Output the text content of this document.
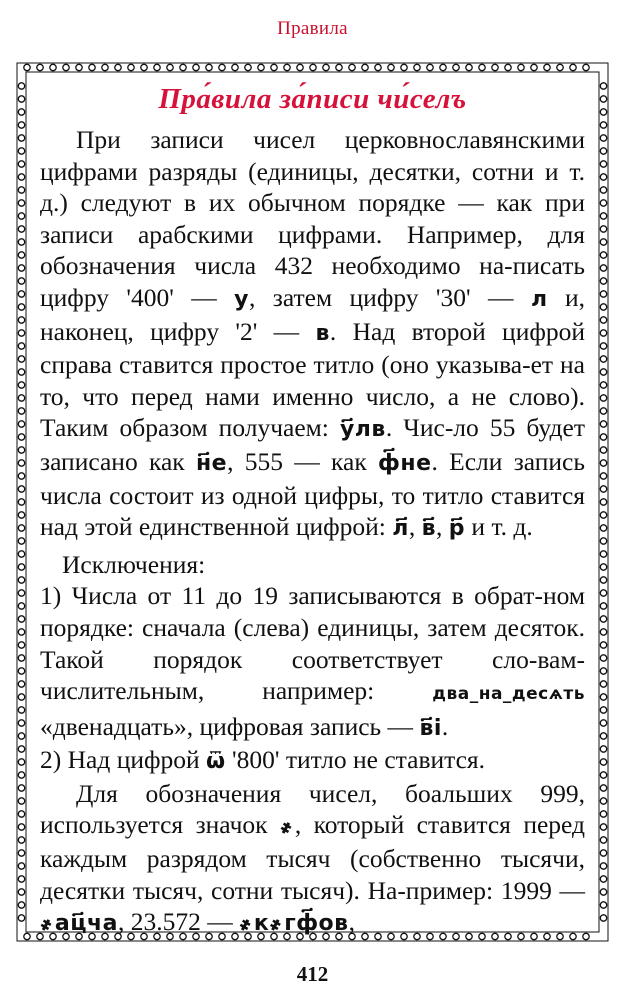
Правила
Пра́вила за́писи чи́селъ

При записи чисел церковнославянскими цифрами разряды (единицы, десятки, сотни и т. д.) следуют в их обычном порядке — как при записи арабскими цифрами. Например, для обозначения числа 432 необходимо на-писать цифру '400' — у, затем цифру '30' — л и, наконец, цифру '2' — в. Над второй цифрой справа ставится простое титло (оно указыва-ет на то, что перед нами именно число, а не слово). Таким образом получаем: у҃лв. Чис-ло 55 будет записано как н҃е, 555 — как ф҃не. Если запись числа состоит из одной цифры, то титло ставится над этой единственной цифрой: л҃, в҃, р҃ и т. д.

Исключения:

1) Числа от 11 до 19 записываются в обрат-ном порядке: сначала (слева) единицы, затем десяток. Такой порядок соответствует сло-вам-числительным, например: два_на_десѧть «двенадцать», цифровая запись — в҃і.

2) Над цифрой ѿ '800' титло не ставится.

Для обозначения чисел, боальших 999, используется значок ҂, который ставится перед каждым разрядом тысяч (собственно тысячи, десятки тысяч, сотни тысяч). На-пример: 1999 — ҂ац҃ча, 23.572 — ҂к҂гф҃ов,

412
